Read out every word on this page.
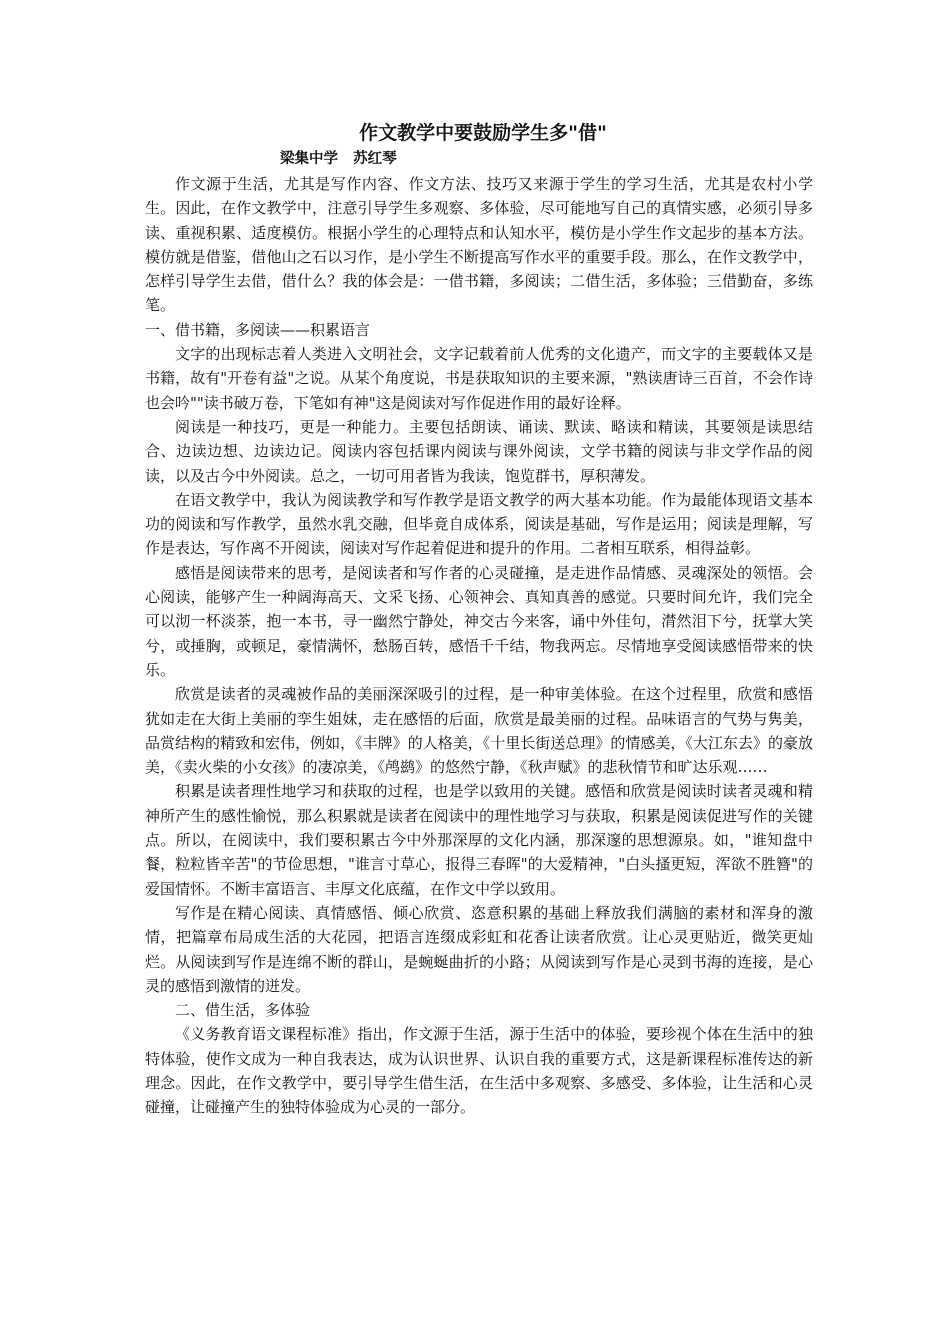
作文教学中要鼓励学生多"借"
梁集中学   苏红琴

作文源于生活，尤其是写作内容、作文方法、技巧又来源于学生的学习生活，尤其是农村小学生。因此，在作文教学中，注意引导学生多观察、多体验，尽可能地写自己的真情实感，必须引导多读、重视积累、适度模仿。根据小学生的心理特点和认知水平，模仿是小学生作文起步的基本方法。模仿就是借鉴，借他山之石以习作，是小学生不断提高写作水平的重要手段。那么，在作文教学中，怎样引导学生去借，借什么？我的体会是：一借书籍，多阅读；二借生活，多体验；三借勤奋，多练笔。

一、借书籍，多阅读——积累语言

文字的出现标志着人类进入文明社会，文字记载着前人优秀的文化遗产，而文字的主要载体又是书籍，故有"开卷有益"之说。从某个角度说，书是获取知识的主要来源，"熟读唐诗三百首，不会作诗也会吟""读书破万卷，下笔如有神"这是阅读对写作促进作用的最好诠释。

阅读是一种技巧，更是一种能力。主要包括朗读、诵读、默读、略读和精读，其要领是读思结合、边读边想、边读边记。阅读内容包括课内阅读与课外阅读，文学书籍的阅读与非文学作品的阅读，以及古今中外阅读。总之，一切可用者皆为我读，饱览群书，厚积薄发。

在语文教学中，我认为阅读教学和写作教学是语文教学的两大基本功能。作为最能体现语文基本功的阅读和写作教学，虽然水乳交融，但毕竟自成体系，阅读是基础，写作是运用；阅读是理解，写作是表达，写作离不开阅读，阅读对写作起着促进和提升的作用。二者相互联系，相得益彰。

感悟是阅读带来的思考，是阅读者和写作者的心灵碰撞，是走进作品情感、灵魂深处的领悟。会心阅读，能够产生一种阔海高天、文采飞扬、心领神会、真知真善的感觉。只要时间允许，我们完全可以沏一杯淡茶，抱一本书，寻一幽然宁静处，神交古今来客，诵中外佳句，潸然泪下兮，抚掌大笑兮，或捶胸，或顿足，豪情满怀，愁肠百转，感悟千千结，物我两忘。尽情地享受阅读感悟带来的快乐。

欣赏是读者的灵魂被作品的美丽深深吸引的过程，是一种审美体验。在这个过程里，欣赏和感悟犹如走在大街上美丽的孪生姐妹，走在感悟的后面，欣赏是最美丽的过程。品味语言的气势与隽美，品赏结构的精致和宏伟，例如，《丰牌》的人格美，《十里长街送总理》的情感美，《大江东去》的豪放美，《卖火柴的小女孩》的凄凉美，《鸬鹚》的悠然宁静，《秋声赋》的悲秋情节和旷达乐观……

积累是读者理性地学习和获取的过程，也是学以致用的关键。感悟和欣赏是阅读时读者灵魂和精神所产生的感性愉悦，那么积累就是读者在阅读中的理性地学习与获取，积累是阅读促进写作的关键点。所以，在阅读中，我们要积累古今中外那深厚的文化内涵，那深邃的思想源泉。如，"谁知盘中餐，粒粒皆辛苦"的节俭思想，"谁言寸草心，报得三春晖"的大爱精神，"白头搔更短，浑欲不胜簪"的爱国情怀。不断丰富语言、丰厚文化底蕴，在作文中学以致用。

写作是在精心阅读、真情感悟、倾心欣赏、恣意积累的基础上释放我们满脑的素材和浑身的激情，把篇章布局成生活的大花园，把语言连缀成彩虹和花香让读者欣赏。让心灵更贴近，微笑更灿烂。从阅读到写作是连绵不断的群山，是蜿蜒曲折的小路；从阅读到写作是心灵到书海的连接，是心灵的感悟到激情的迸发。

二、借生活，多体验

《义务教育语文课程标准》指出，作文源于生活，源于生活中的体验，要珍视个体在生活中的独特体验，使作文成为一种自我表达，成为认识世界、认识自我的重要方式，这是新课程标准传达的新理念。因此，在作文教学中，要引导学生借生活，在生活中多观察、多感受、多体验，让生活和心灵碰撞，让碰撞产生的独特体验成为心灵的一部分。
